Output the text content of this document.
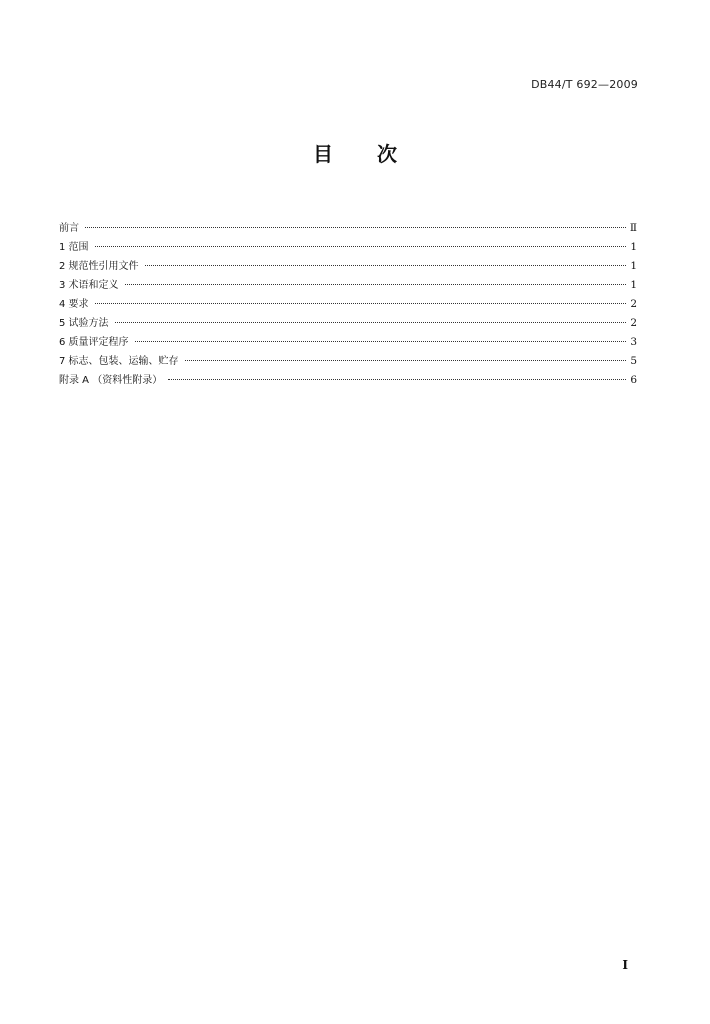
DB44/T 692—2009
目次
前言	Ⅱ
1 范围	1
2 规范性引用文件	1
3 术语和定义	1
4 要求	2
5 试验方法	2
6 质量评定程序	3
7 标志、包装、运输、贮存	5
附录 A （资料性附录）	6
Ⅰ
